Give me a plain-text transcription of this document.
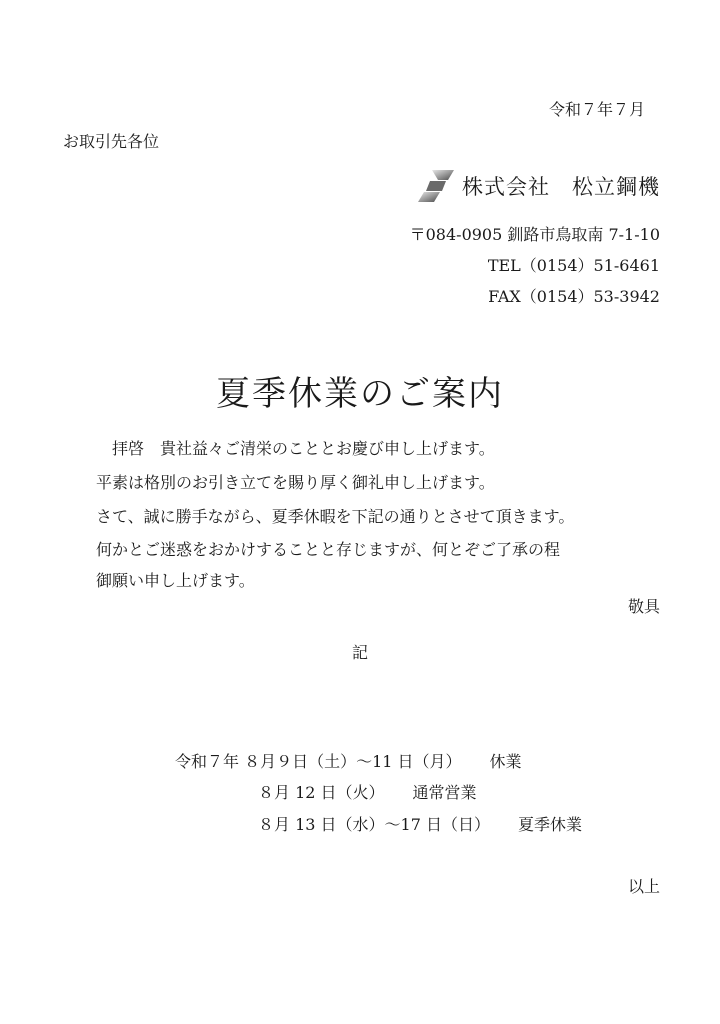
令和７年７月
お取引先各位
株式会社　松立鋼機
〒084-0905 釧路市鳥取南 7-1-10
TEL（0154）51-6461
FAX（0154）53-3942
夏季休業のご案内
拝啓　貴社益々ご清栄のこととお慶び申し上げます。
平素は格別のお引き立てを賜り厚く御礼申し上げます。
さて、誠に勝手ながら、夏季休暇を下記の通りとさせて頂きます。
何かとご迷惑をおかけすることと存じますが、何とぞご了承の程
御願い申し上げます。
敬具
記
令和７年 ８月９日（土）〜11 日（月） 休業
８月 12 日（火） 通常営業
８月 13 日（水）〜17 日（日） 夏季休業
以上
